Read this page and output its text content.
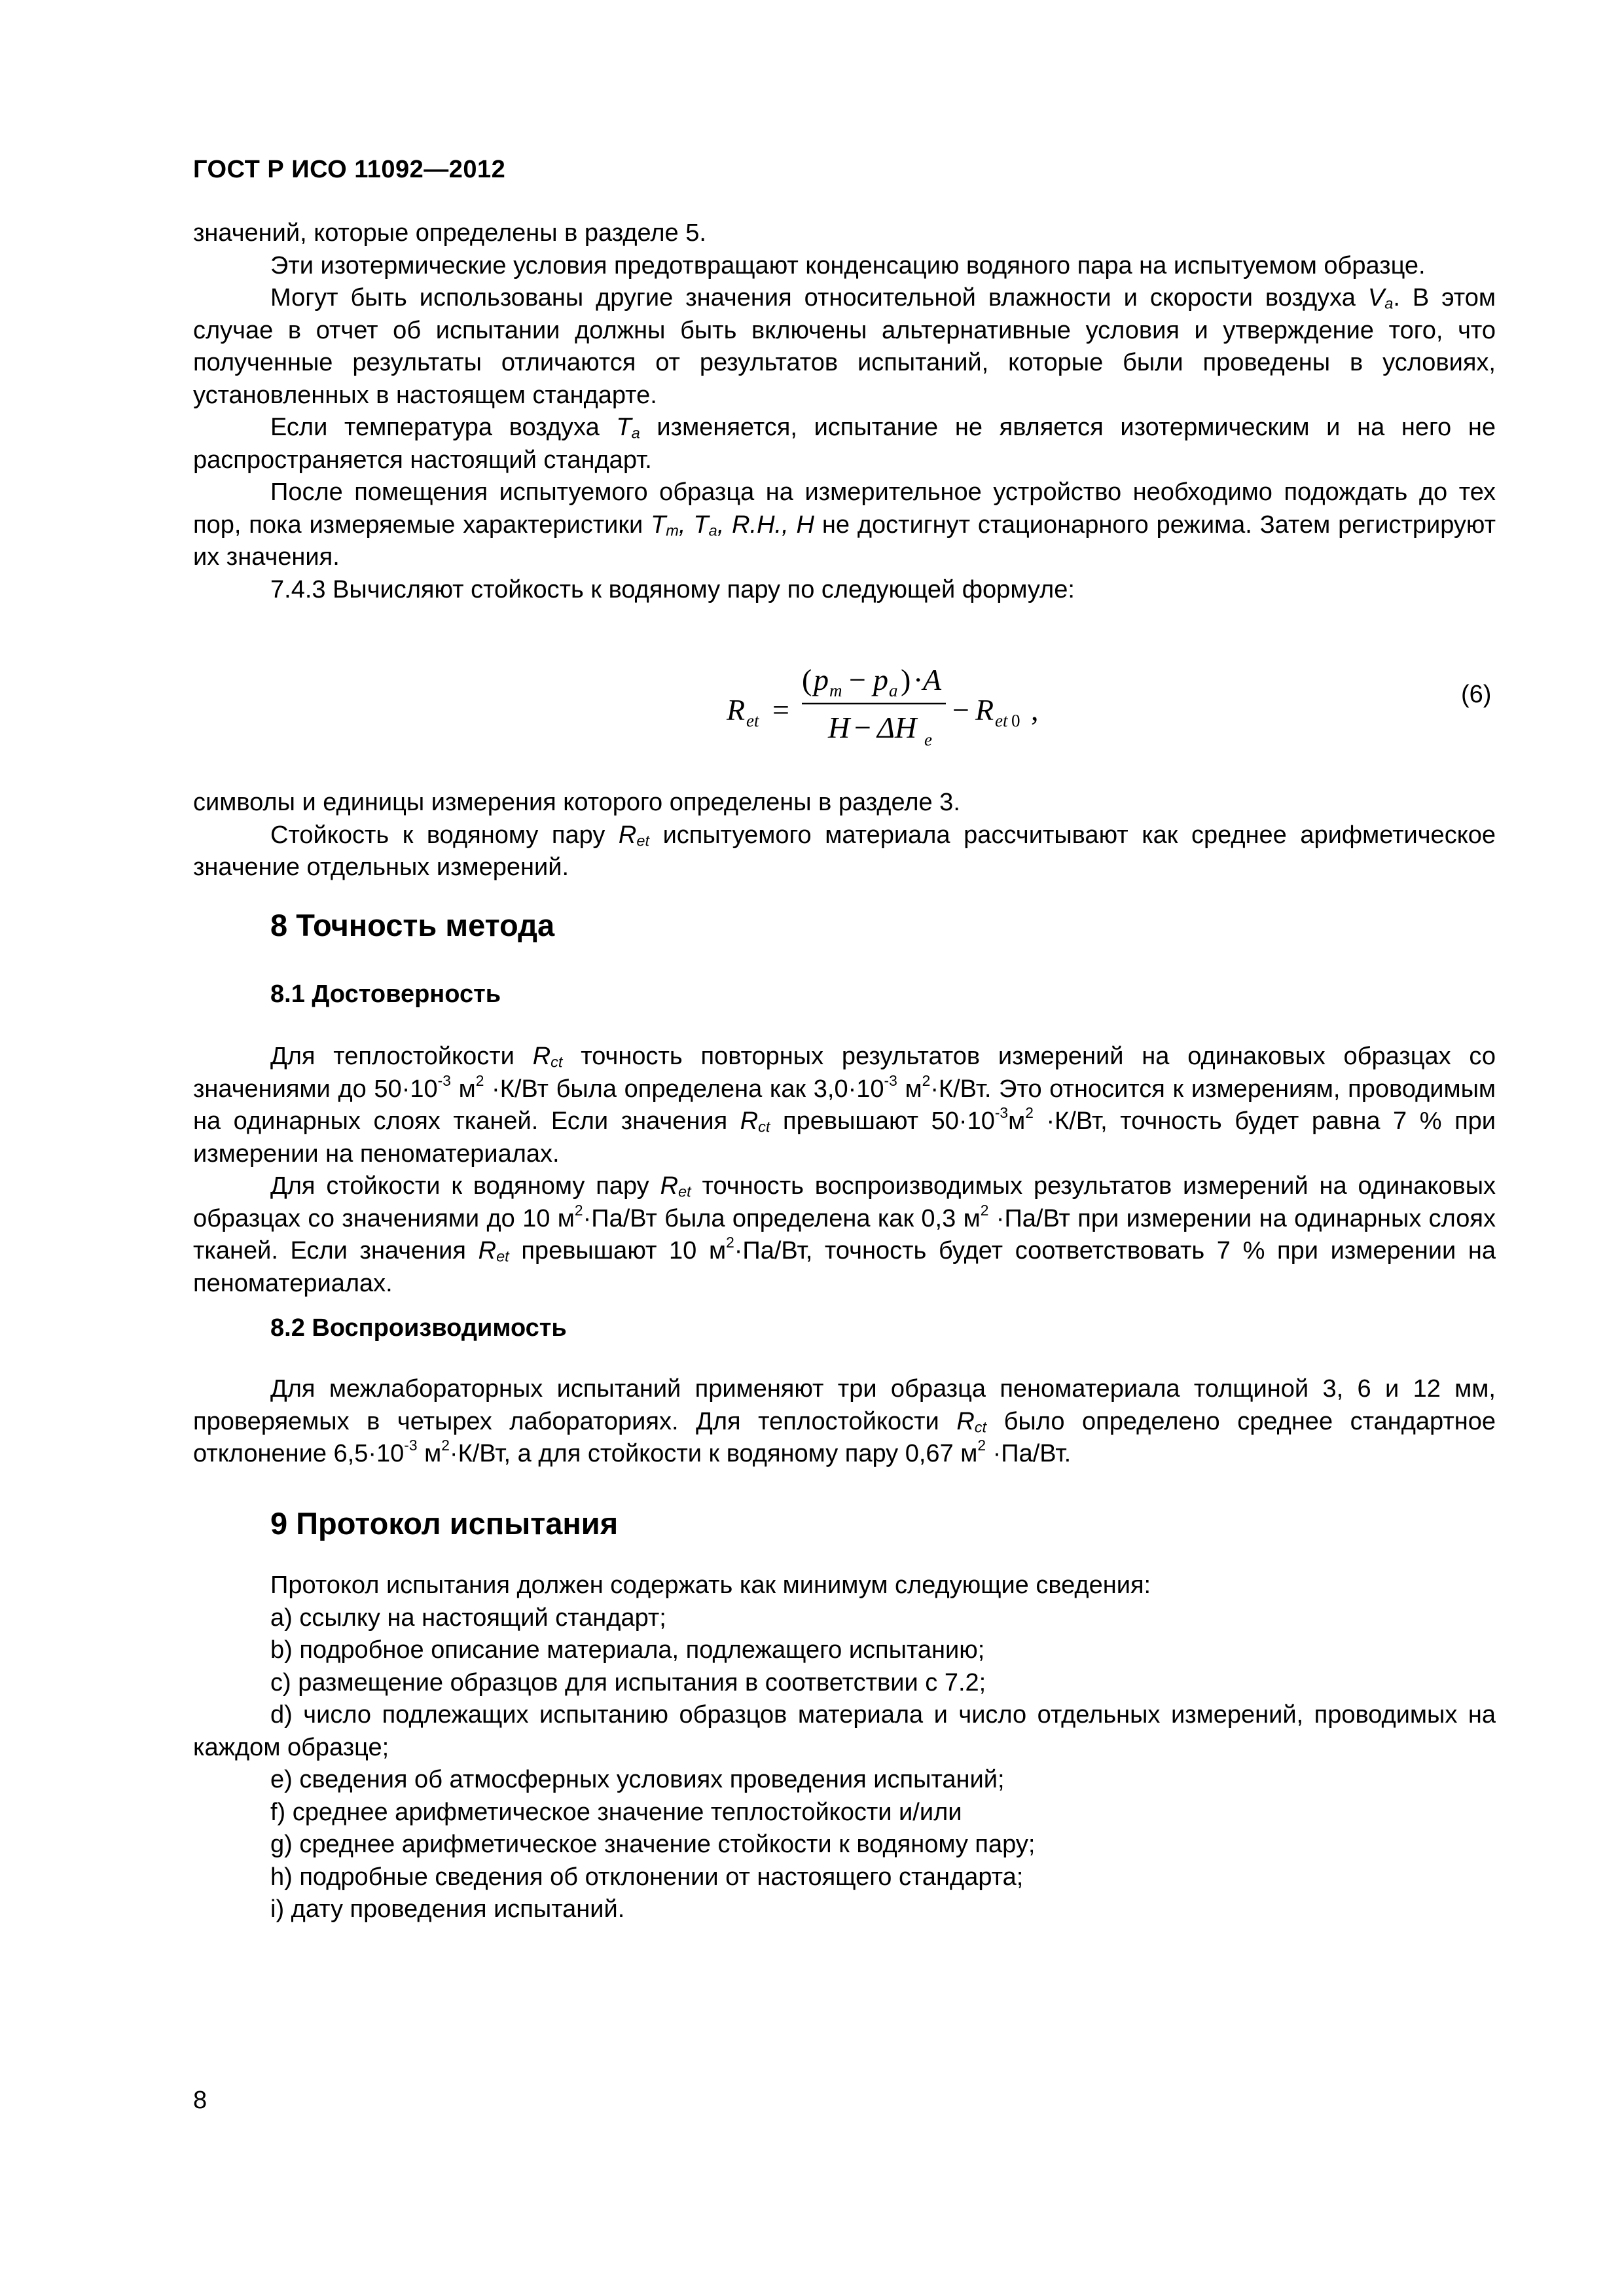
ГОСТ Р ИСО 11092—2012

значений, которые определены в разделе 5.

Эти изотермические условия предотвращают конденсацию водяного пара на испытуемом образце.

Могут быть использованы другие значения относительной влажности и скорости воздуха $V_a$. В этом случае в отчет об испытании должны быть включены альтернативные условия и утверждение того, что полученные результаты отличаются от результатов испытаний, которые были проведены в условиях, установленных в настоящем стандарте.

Если температура воздуха $T_a$ изменяется, испытание не является изотермическим и на него не распространяется настоящий стандарт.

После помещения испытуемого образца на измерительное устройство необходимо подождать до тех пор, пока измеряемые характеристики $T_m$, $T_a$, R.H., H не достигнут стационарного режима. Затем регистрируют их значения.

7.4.3 Вычисляют стойкость к водяному пару по следующей формуле:

R et =
( p m − p a ) · A
H − ΔH e
− R et 0 ,	(6)

символы и единицы измерения которого определены в разделе 3.

Стойкость к водяному пару $R_{et}$ испытуемого материала рассчитывают как среднее арифметическое значение отдельных измерений.

8 Точность метода
8.1 Достоверность

Для теплостойкости $R_{ct}$ точность повторных результатов измерений на одинаковых образцах со значениями до $50\cdot 10^{-3}$ $м^2 \cdot К/Вт$ была определена как $3,0\cdot 10^{-3}$ $м^2\cdot К/Вт$. Это относится к измерениям, проводимым на одинарных слоях тканей. Если значения $R_{ct}$ превышают $50\cdot 10^{-3}м^2 \cdot К/Вт$, точность будет равна 7 % при измерении на пеноматериалах.

Для стойкости к водяному пару $R_{et}$ точность воспроизводимых результатов измерений на одинаковых образцах со значениями до 10 $м^2\cdot Па/Вт$ была определена как 0,3 $м^2 \cdot Па/Вт$ при измерении на одинарных слоях тканей. Если значения $R_{et}$ превышают 10 $м^2\cdot Па/Вт$, точность будет соответствовать 7 % при измерении на пеноматериалах.

8.2 Воспроизводимость

Для межлабораторных испытаний применяют три образца пеноматериала толщиной 3, 6 и 12 мм, проверяемых в четырех лабораториях. Для теплостойкости $R_{ct}$ было определено среднее стандартное отклонение $6,5\cdot 10^{-3}$ $м^2\cdot К/Вт$, а для стойкости к водяному пару 0,67 $м^2 \cdot Па/Вт$.

9 Протокол испытания

Протокол испытания должен содержать как минимум следующие сведения:

a) ссылку на настоящий стандарт;

b) подробное описание материала, подлежащего испытанию;

c) размещение образцов для испытания в соответствии с 7.2;

d) число подлежащих испытанию образцов материала и число отдельных измерений, проводимых на каждом образце;

e) сведения об атмосферных условиях проведения испытаний;

f) среднее арифметическое значение теплостойкости и/или

g) среднее арифметическое значение стойкости к водяному пару;

h) подробные сведения об отклонении от настоящего стандарта;

i) дату проведения испытаний.

8
